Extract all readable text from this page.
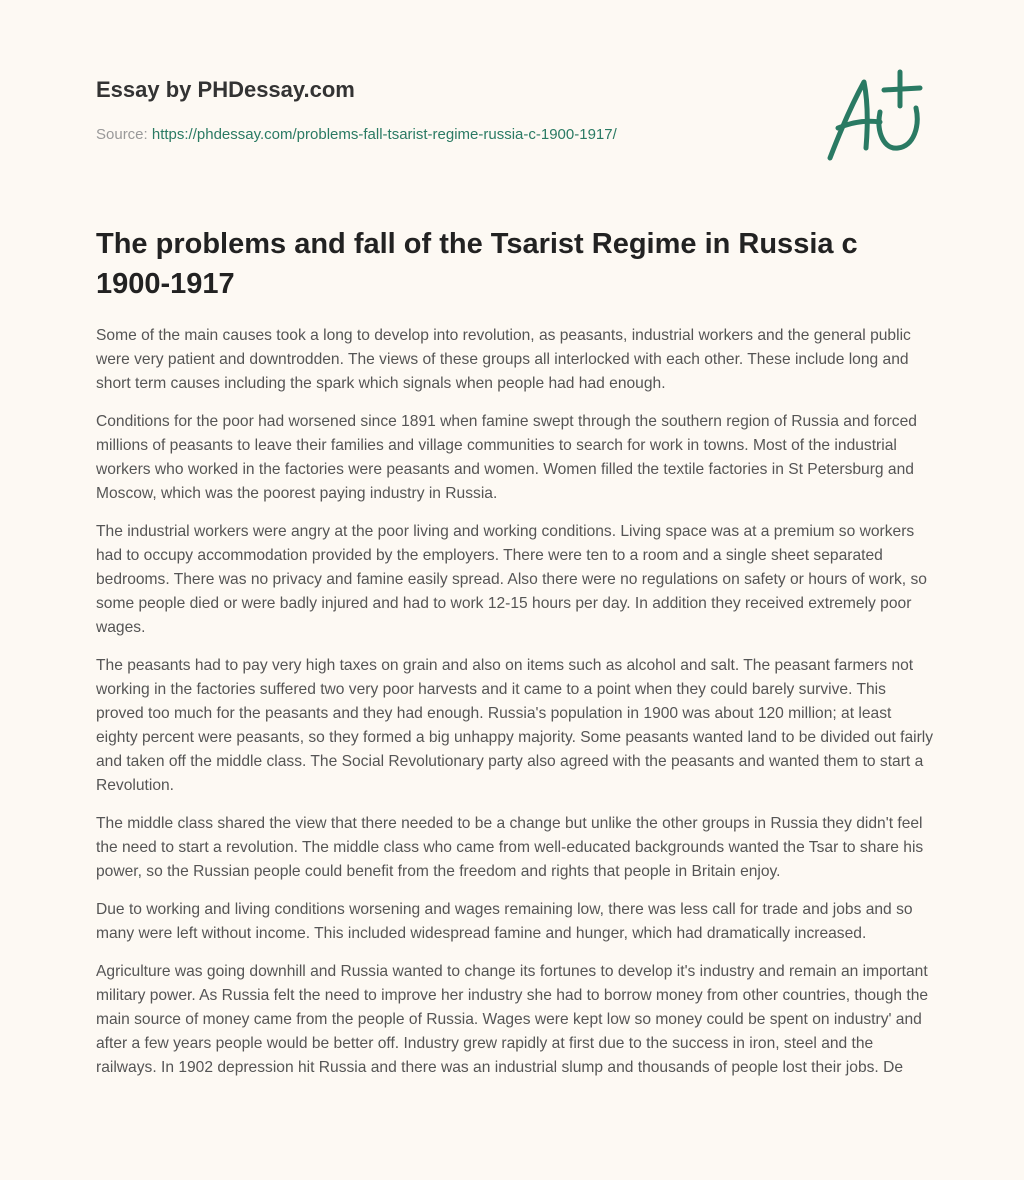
Essay by PHDessay.com
Source: https://phdessay.com/problems-fall-tsarist-regime-russia-c-1900-1917/
The problems and fall of the Tsarist Regime in Russia c 1900-1917

Some of the main causes took a long to develop into revolution, as peasants, industrial workers and the general public were very patient and downtrodden. The views of these groups all interlocked with each other. These include long and short term causes including the spark which signals when people had had enough.

Conditions for the poor had worsened since 1891 when famine swept through the southern region of Russia and forced millions of peasants to leave their families and village communities to search for work in towns. Most of the industrial workers who worked in the factories were peasants and women. Women filled the textile factories in St Petersburg and Moscow, which was the poorest paying industry in Russia.

The industrial workers were angry at the poor living and working conditions. Living space was at a premium so workers had to occupy accommodation provided by the employers. There were ten to a room and a single sheet separated bedrooms. There was no privacy and famine easily spread. Also there were no regulations on safety or hours of work, so some people died or were badly injured and had to work 12-15 hours per day. In addition they received extremely poor wages.

The peasants had to pay very high taxes on grain and also on items such as alcohol and salt. The peasant farmers not working in the factories suffered two very poor harvests and it came to a point when they could barely survive. This proved too much for the peasants and they had enough. Russia's population in 1900 was about 120 million; at least eighty percent were peasants, so they formed a big unhappy majority. Some peasants wanted land to be divided out fairly and taken off the middle class. The Social Revolutionary party also agreed with the peasants and wanted them to start a Revolution.

The middle class shared the view that there needed to be a change but unlike the other groups in Russia they didn't feel the need to start a revolution. The middle class who came from well-educated backgrounds wanted the Tsar to share his power, so the Russian people could benefit from the freedom and rights that people in Britain enjoy.

Due to working and living conditions worsening and wages remaining low, there was less call for trade and jobs and so many were left without income. This included widespread famine and hunger, which had dramatically increased.

Agriculture was going downhill and Russia wanted to change its fortunes to develop it's industry and remain an important military power. As Russia felt the need to improve her industry she had to borrow money from other countries, though the main source of money came from the people of Russia. Wages were kept low so money could be spent on industry' and after a few years people would be better off. Industry grew rapidly at first due to the success in iron, steel and the railways. In 1902 depression hit Russia and there was an industrial slump and thousands of people lost their jobs. De
